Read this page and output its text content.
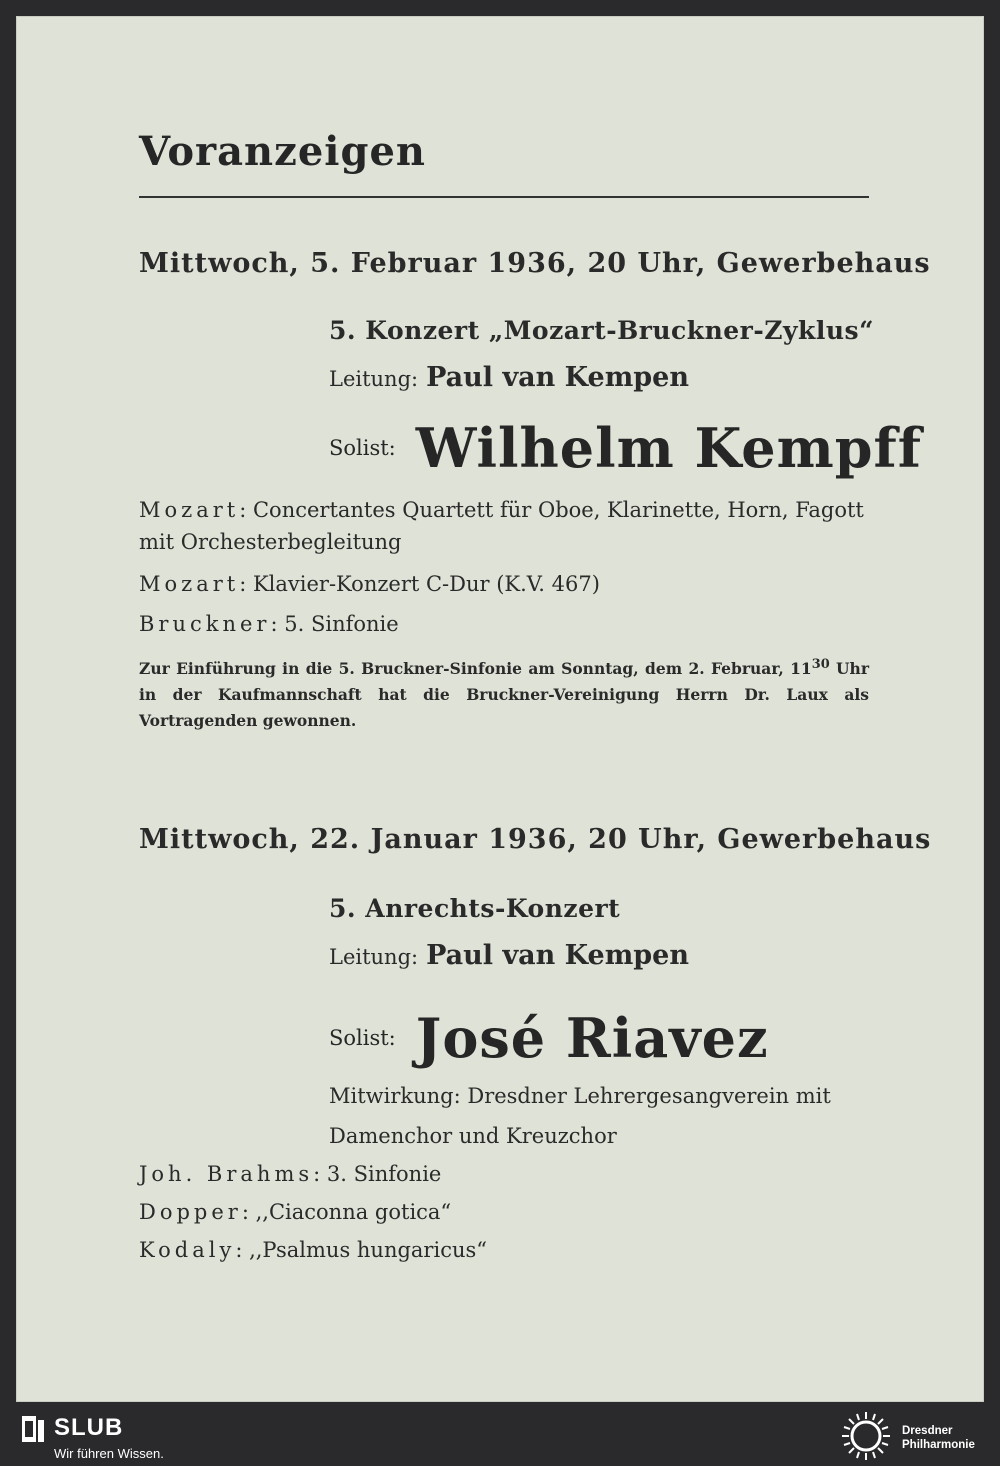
Voranzeigen
Mittwoch, 5. Februar 1936, 20 Uhr, Gewerbehaus
5. Konzert „Mozart-Bruckner-Zyklus“
Leitung: Paul van Kempen
Solist: Wilhelm Kempff
Mozart: Concertantes Quartett für Oboe, Klarinette, Horn, Fagott mit Orchesterbegleitung
Mozart: Klavier-Konzert C-Dur (K.V. 467)
Bruckner: 5. Sinfonie
Zur Einführung in die 5. Bruckner-Sinfonie am Sonntag, dem 2. Februar, $11^{30}$ Uhr in der Kaufmannschaft hat die Bruckner-Vereinigung Herrn Dr. Laux als Vortragenden gewonnen.
Mittwoch, 22. Januar 1936, 20 Uhr, Gewerbehaus
5. Anrechts-Konzert
Leitung: Paul van Kempen
Solist: José Riavez
Mitwirkung: Dresdner Lehrergesangverein mit Damenchor und Kreuzchor
Joh. Brahms: 3. Sinfonie
Dopper: ,,Ciaconna gotica“
Kodaly: ,,Psalmus hungaricus“
SLUB
Wir führen Wissen.
Dresdner
Philharmonie
